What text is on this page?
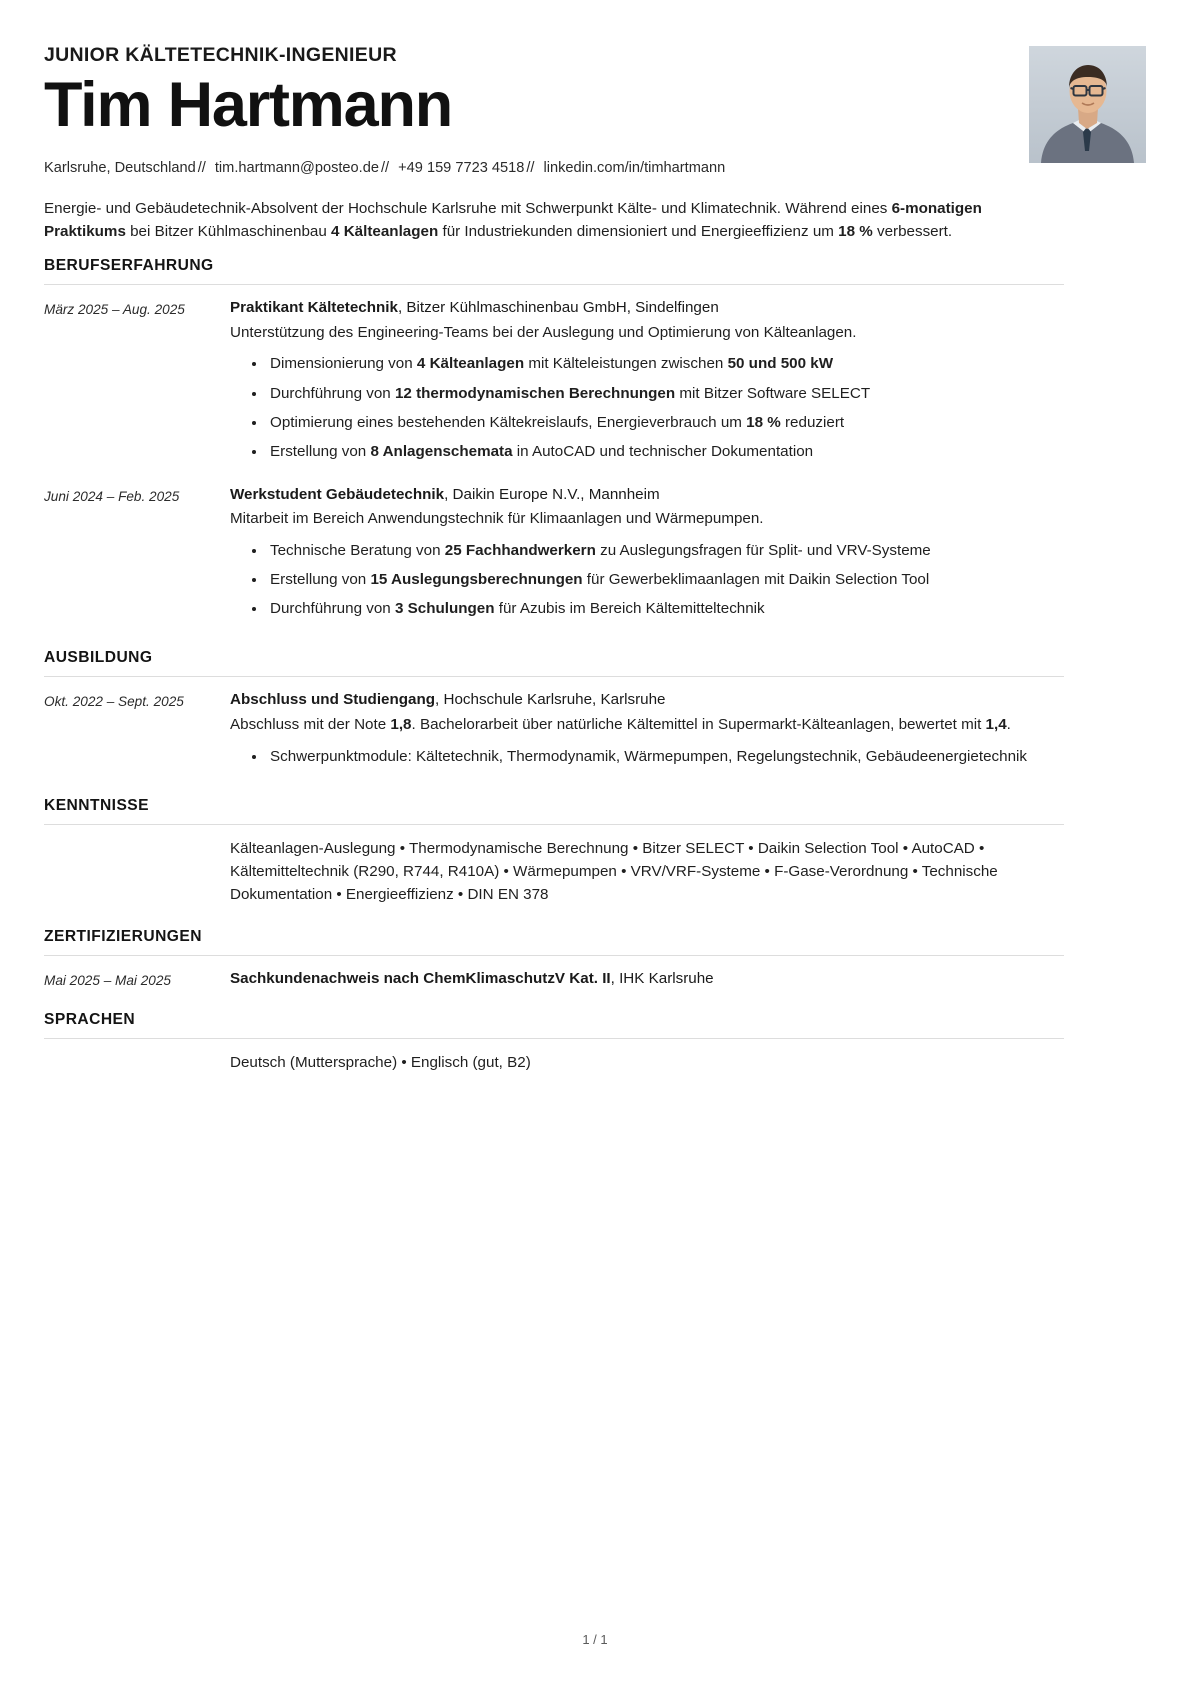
JUNIOR KÄLTETECHNIK-INGENIEUR
Tim Hartmann
Karlsruhe, Deutschland // tim.hartmann@posteo.de // +49 159 7723 4518 // linkedin.com/in/timhartmann

Energie- und Gebäudetechnik-Absolvent der Hochschule Karlsruhe mit Schwerpunkt Kälte- und Klimatechnik. Während eines 6-monatigen Praktikums bei Bitzer Kühlmaschinenbau 4 Kälteanlagen für Industriekunden dimensioniert und Energieeffizienz um 18 % verbessert.

BERUFSERFAHRUNG
März 2025 – Aug. 2025	Praktikant Kältetechnik, Bitzer Kühlmaschinenbau GmbH, Sindelfingen

Unterstützung des Engineering-Teams bei der Auslegung und Optimierung von Kälteanlagen.

Dimensionierung von 4 Kälteanlagen mit Kälteleistungen zwischen 50 und 500 kW
Durchführung von 12 thermodynamischen Berechnungen mit Bitzer Software SELECT
Optimierung eines bestehenden Kältekreislaufs, Energieverbrauch um 18 % reduziert
Erstellung von 8 Anlagenschemata in AutoCAD und technischer Dokumentation
Juni 2024 – Feb. 2025	Werkstudent Gebäudetechnik, Daikin Europe N.V., Mannheim

Mitarbeit im Bereich Anwendungstechnik für Klimaanlagen und Wärmepumpen.

Technische Beratung von 25 Fachhandwerkern zu Auslegungsfragen für Split- und VRV-Systeme
Erstellung von 15 Auslegungsberechnungen für Gewerbeklimaanlagen mit Daikin Selection Tool
Durchführung von 3 Schulungen für Azubis im Bereich Kältemitteltechnik
AUSBILDUNG
Okt. 2022 – Sept. 2025	Abschluss und Studiengang, Hochschule Karlsruhe, Karlsruhe

Abschluss mit der Note 1,8. Bachelorarbeit über natürliche Kältemittel in Supermarkt-Kälteanlagen, bewertet mit 1,4.

Schwerpunktmodule: Kältetechnik, Thermodynamik, Wärmepumpen, Regelungstechnik, Gebäudeenergietechnik
KENNTNISSE

Kälteanlagen-Auslegung • Thermodynamische Berechnung • Bitzer SELECT • Daikin Selection Tool • AutoCAD • Kältemitteltechnik (R290, R744, R410A) • Wärmepumpen • VRV/VRF-Systeme • F-Gase-Verordnung • Technische Dokumentation • Energieeffizienz • DIN EN 378

ZERTIFIZIERUNGEN
Mai 2025 – Mai 2025	Sachkundenachweis nach ChemKlimaschutzV Kat. II, IHK Karlsruhe

SPRACHEN

Deutsch (Muttersprache) • Englisch (gut, B2)

1 / 1
